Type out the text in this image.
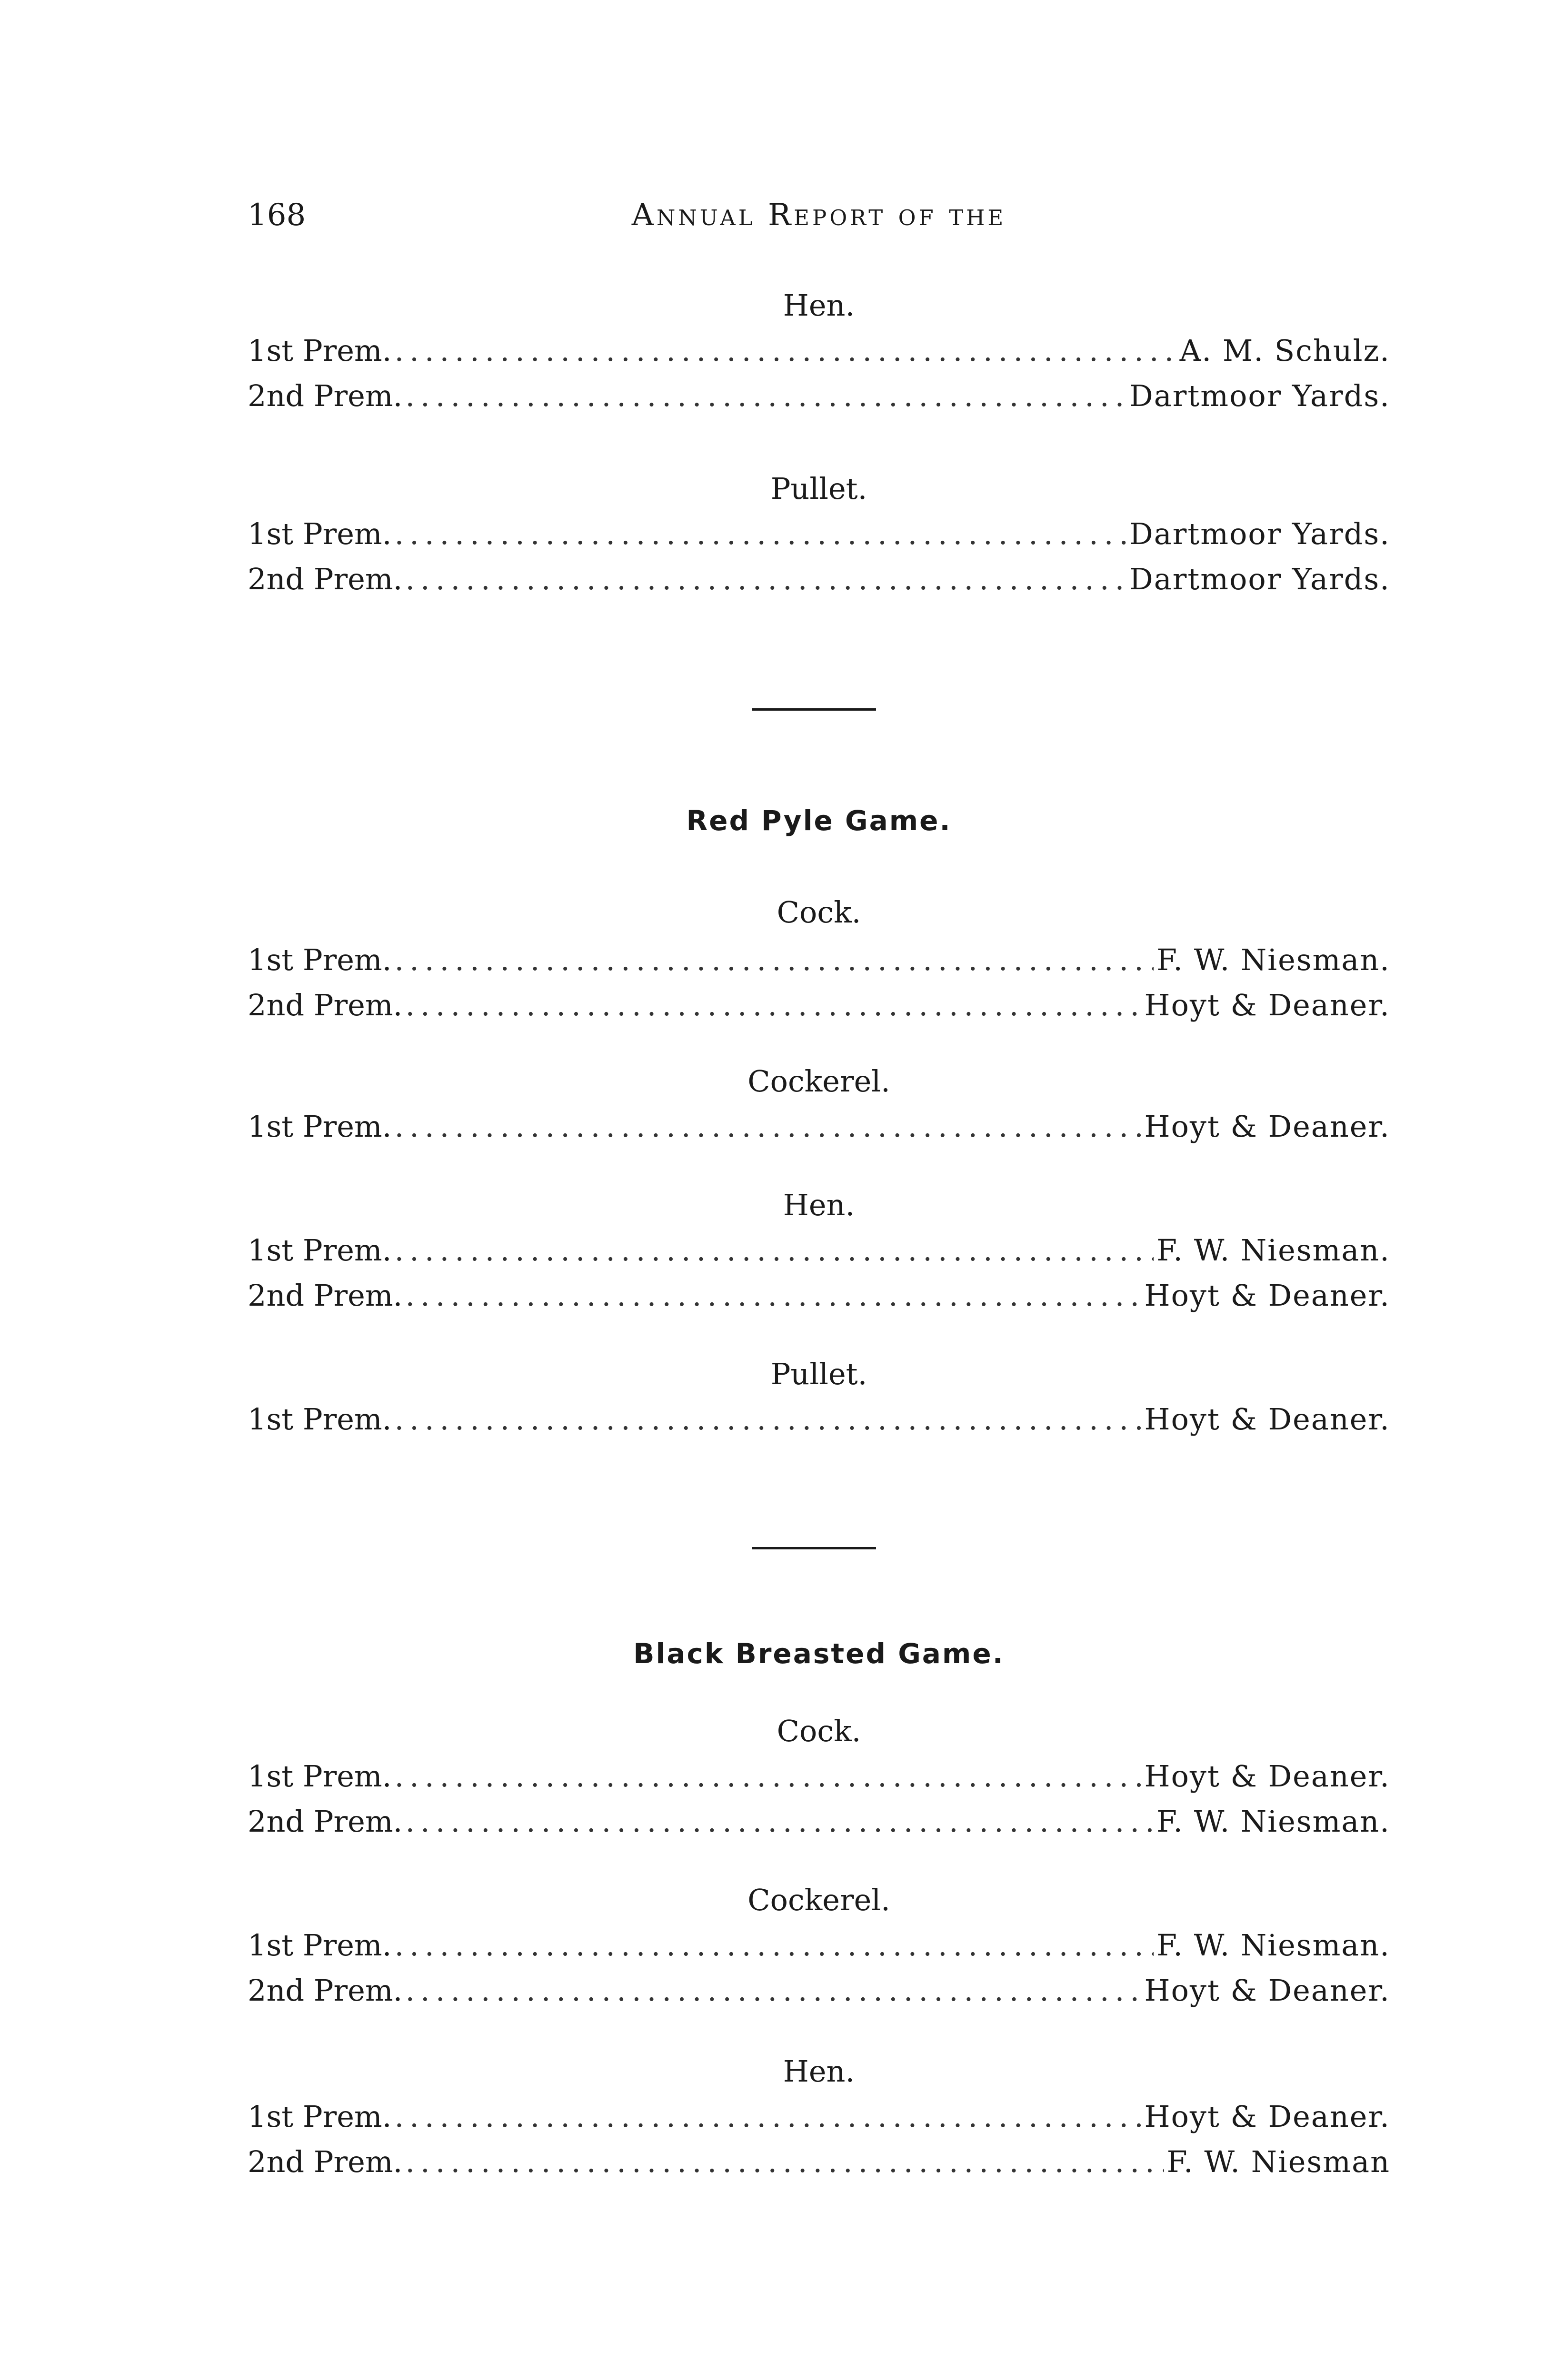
168	Annual Report of the
Hen.
1st Prem. .....	A. M. Schulz.
2nd Prem. .....	Dartmoor Yards.
Pullet.
1st Prem. .....	Dartmoor Yards.
2nd Prem. .....	Dartmoor Yards.
Red Pyle Game.
Cock.
1st Prem. .....	F. W. Niesman.
2nd Prem. .....	Hoyt & Deaner.
Cockerel.
1st Prem. .....	Hoyt & Deaner.
Hen.
1st Prem. .....	F. W. Niesman.
2nd Prem. .....	Hoyt & Deaner.
Pullet.
1st Prem. .....	Hoyt & Deaner.
Black Breasted Game.
Cock.
1st Prem. .....	Hoyt & Deaner.
2nd Prem. .....	F. W. Niesman.
Cockerel.
1st Prem. .....	F. W. Niesman.
2nd Prem. .....	Hoyt & Deaner.
Hen.
1st Prem. .....	Hoyt & Deaner.
2nd Prem. .....	F. W. Niesman
